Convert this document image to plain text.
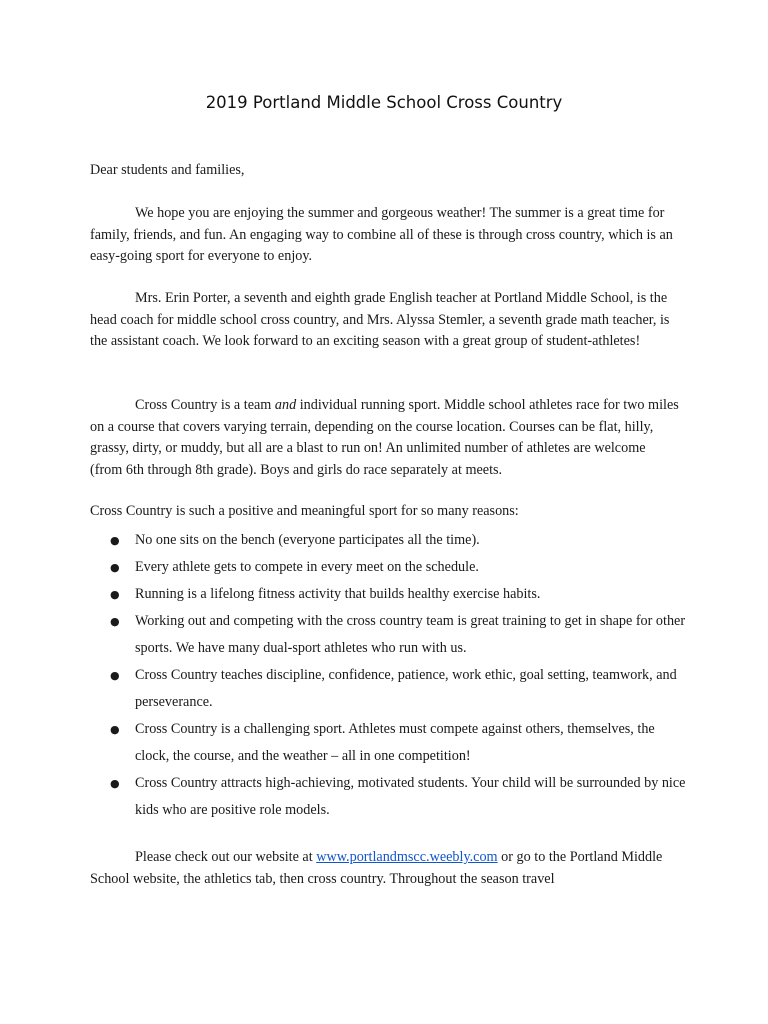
2019 Portland Middle School Cross Country

Dear students and families,

We hope you are enjoying the summer and gorgeous weather! The summer is a great time for family, friends, and fun. An engaging way to combine all of these is through cross country, which is an easy-going sport for everyone to enjoy.

Mrs. Erin Porter, a seventh and eighth grade English teacher at Portland Middle School, is the head coach for middle school cross country, and Mrs. Alyssa Stemler, a seventh grade math teacher, is the assistant coach. We look forward to an exciting season with a great group of student-athletes!

Cross Country is a team and individual running sport. Middle school athletes race for two miles on a course that covers varying terrain, depending on the course location. Courses can be flat, hilly, grassy, dirty, or muddy, but all are a blast to run on! An unlimited number of athletes are welcome (from 6th through 8th grade). Boys and girls do race separately at meets.

Cross Country is such a positive and meaningful sport for so many reasons:

● No one sits on the bench (everyone participates all the time).
● Every athlete gets to compete in every meet on the schedule.
● Running is a lifelong fitness activity that builds healthy exercise habits.
● Working out and competing with the cross country team is great training to get in shape for other sports. We have many dual-sport athletes who run with us.
● Cross Country teaches discipline, confidence, patience, work ethic, goal setting, teamwork, and perseverance.
● Cross Country is a challenging sport. Athletes must compete against others, themselves, the clock, the course, and the weather – all in one competition!
● Cross Country attracts high-achieving, motivated students. Your child will be surrounded by nice kids who are positive role models.

Please check out our website at www.portlandmscc.weebly.com or go to the Portland Middle School website, the athletics tab, then cross country. Throughout the season travel
